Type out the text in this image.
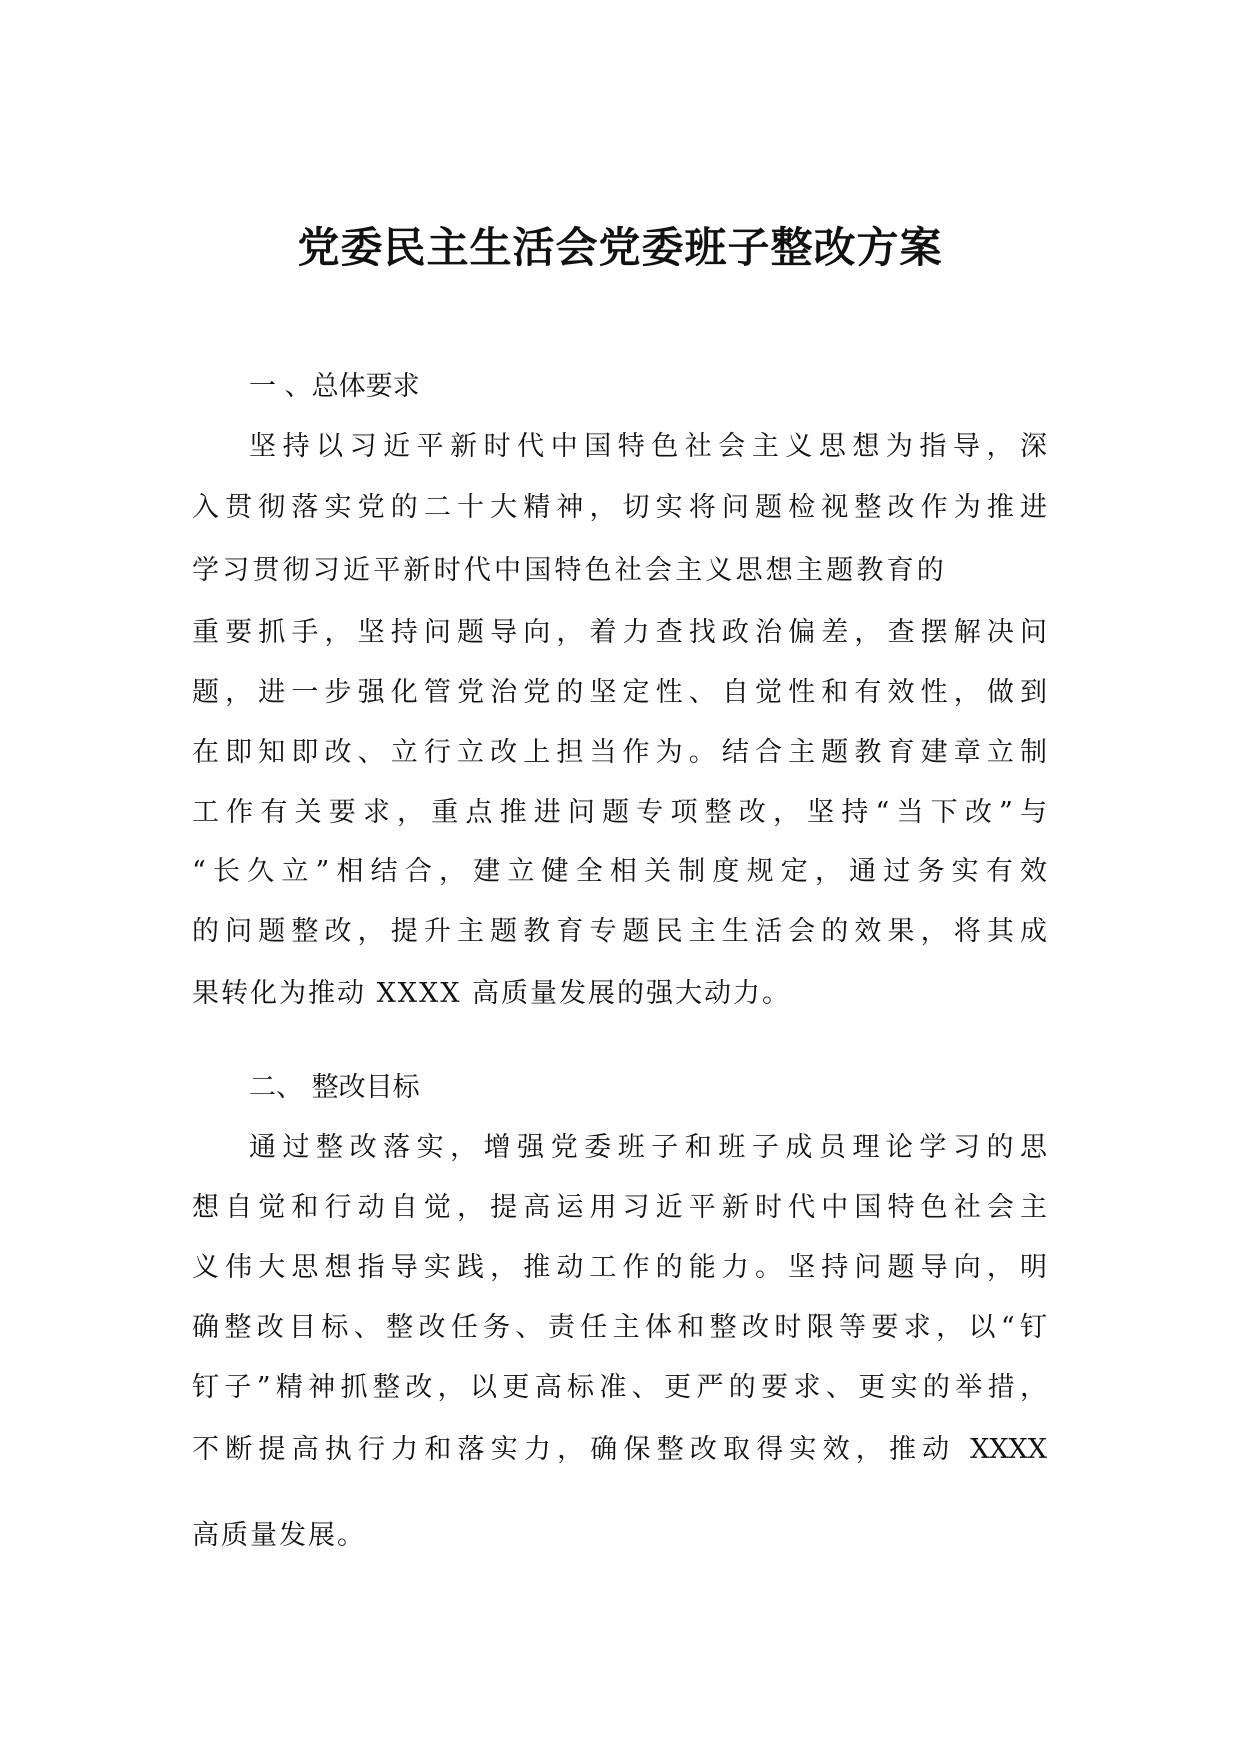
党委民主生活会党委班子整改方案
一 、总体要求
坚持以习近平新时代中国特色社会主义思想为指导，深
入贯彻落实党的二十大精神，切实将问题检视整改作为推进
学习贯彻习近平新时代中国特色社会主义思想主题教育的
重要抓手，坚持问题导向，着力查找政治偏差，查摆解决问
题，进一步强化管党治党的坚定性、自觉性和有效性，做到
在即知即改、立行立改上担当作为。结合主题教育建章立制
工作有关要求，重点推进问题专项整改，坚持“当下改”与
“长久立”相结合，建立健全相关制度规定，通过务实有效
的问题整改，提升主题教育专题民主生活会的效果，将其成
果转化为推动 XXXX 高质量发展的强大动力。
二、 整改目标
通过整改落实，增强党委班子和班子成员理论学习的思
想自觉和行动自觉，提高运用习近平新时代中国特色社会主
义伟大思想指导实践，推动工作的能力。坚持问题导向，明
确整改目标、整改任务、责任主体和整改时限等要求，以“钉
钉子”精神抓整改，以更高标准、更严的要求、更实的举措，
不断提高执行力和落实力，确保整改取得实效，推动 XXXX
高质量发展。
